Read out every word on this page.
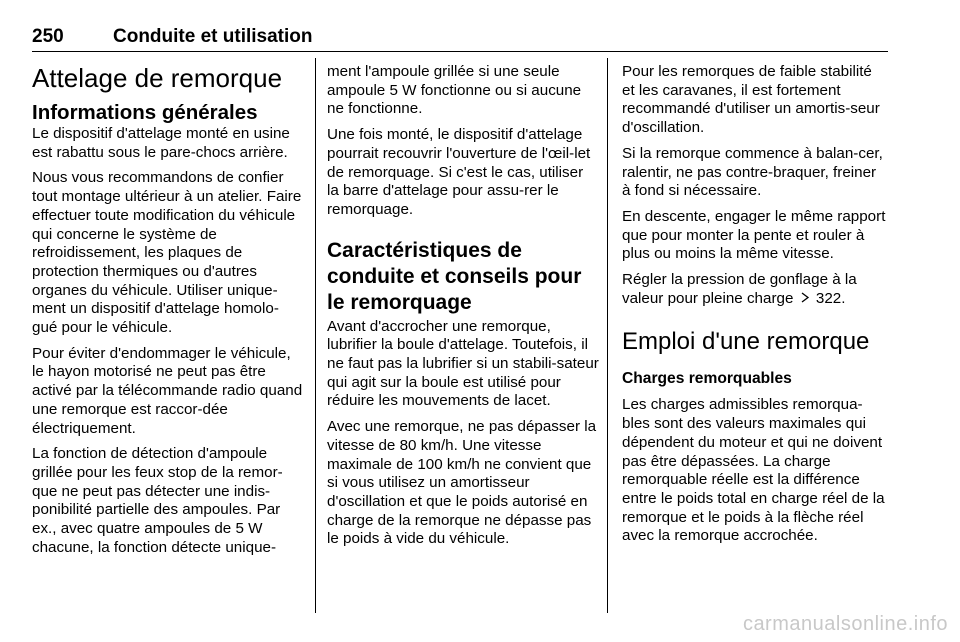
250	Conduite et utilisation
Attelage de remorque
Informations générales

Le dispositif d'attelage monté en usine est rabattu sous le pare-chocs arrière.

Nous vous recommandons de confier tout montage ultérieur à un atelier. Faire effectuer toute modification du véhicule qui concerne le système de refroidissement, les plaques de protection thermiques ou d'autres organes du véhicule. Utiliser unique-ment un dispositif d'attelage homolo-gué pour le véhicule.

Pour éviter d'endommager le véhicule, le hayon motorisé ne peut pas être activé par la télécommande radio quand une remorque est raccor-dée électriquement.

La fonction de détection d'ampoule grillée pour les feux stop de la remor-que ne peut pas détecter une indis-ponibilité partielle des ampoules. Par ex., avec quatre ampoules de 5 W chacune, la fonction détecte unique-

ment l'ampoule grillée si une seule ampoule 5 W fonctionne ou si aucune ne fonctionne.

Une fois monté, le dispositif d'attelage pourrait recouvrir l'ouverture de l'œil-let de remorquage. Si c'est le cas, utiliser la barre d'attelage pour assu-rer le remorquage.

Caractéristiques de conduite et conseils pour le remorquage

Avant d'accrocher une remorque, lubrifier la boule d'attelage. Toutefois, il ne faut pas la lubrifier si un stabili-sateur qui agit sur la boule est utilisé pour réduire les mouvements de lacet.

Avec une remorque, ne pas dépasser la vitesse de 80 km/h. Une vitesse maximale de 100 km/h ne convient que si vous utilisez un amortisseur d'oscillation et que le poids autorisé en charge de la remorque ne dépasse pas le poids à vide du véhicule.

Pour les remorques de faible stabilité et les caravanes, il est fortement recommandé d'utiliser un amortis-seur d'oscillation.

Si la remorque commence à balan-cer, ralentir, ne pas contre-braquer, freiner à fond si nécessaire.

En descente, engager le même rapport que pour monter la pente et rouler à plus ou moins la même vitesse.

Régler la pression de gonflage à la valeur pour pleine charge 322.

Emploi d'une remorque
Charges remorquables

Les charges admissibles remorqua-bles sont des valeurs maximales qui dépendent du moteur et qui ne doivent pas être dépassées. La charge remorquable réelle est la différence entre le poids total en charge réel de la remorque et le poids à la flèche réel avec la remorque accrochée.

carmanualsonline.info
